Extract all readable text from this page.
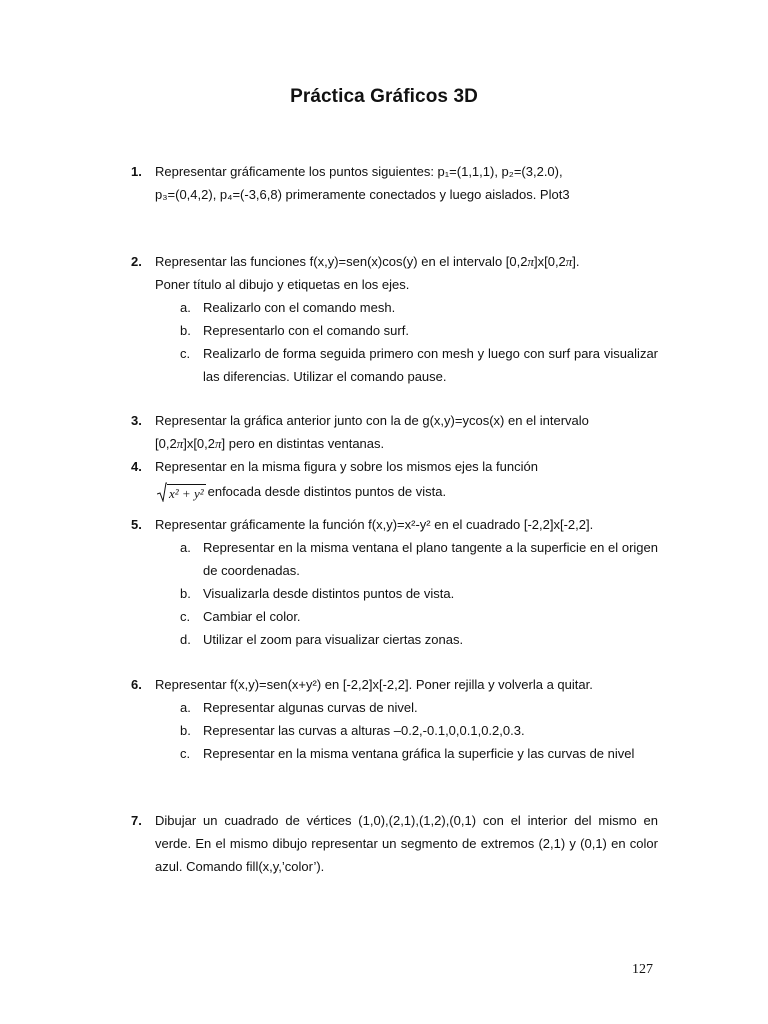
Práctica Gráficos 3D
1. Representar gráficamente los puntos siguientes: p₁=(1,1,1), p₂=(3,2.0),

p₃=(0,4,2), p₄=(-3,6,8) primeramente conectados y luego aislados. Plot3

2. Representar las funciones f(x,y)=sen(x)cos(y) en el intervalo [0,2π]x[0,2π].

Poner título al dibujo y etiquetas en los ejes.

a. Realizarlo con el comando mesh.

b. Representarlo con el comando surf.

c. Realizarlo de forma seguida primero con mesh y luego con surf para visualizar las diferencias. Utilizar el comando pause.

3. Representar la gráfica anterior junto con la de g(x,y)=ycos(x) en el intervalo

[0,2π]x[0,2π] pero en distintas ventanas.

4. Representar en la misma figura y sobre los mismos ejes la función

x² + y² enfocada desde distintos puntos de vista.

5. Representar gráficamente la función f(x,y)=x²-y² en el cuadrado [-2,2]x[-2,2].

a. Representar en la misma ventana el plano tangente a la superficie en el origen de coordenadas.

b. Visualizarla desde distintos puntos de vista.

c. Cambiar el color.

d. Utilizar el zoom para visualizar ciertas zonas.

6. Representar f(x,y)=sen(x+y²) en [-2,2]x[-2,2]. Poner rejilla y volverla a quitar.

a. Representar algunas curvas de nivel.

b. Representar las curvas a alturas –0.2,-0.1,0,0.1,0.2,0.3.

c. Representar en la misma ventana gráfica la superficie y las curvas de nivel

7. Dibujar un cuadrado de vértices (1,0),(2,1),(1,2),(0,1) con el interior del mismo en verde. En el mismo dibujo representar un segmento de extremos (2,1) y (0,1) en color azul. Comando fill(x,y,’color’).

127
